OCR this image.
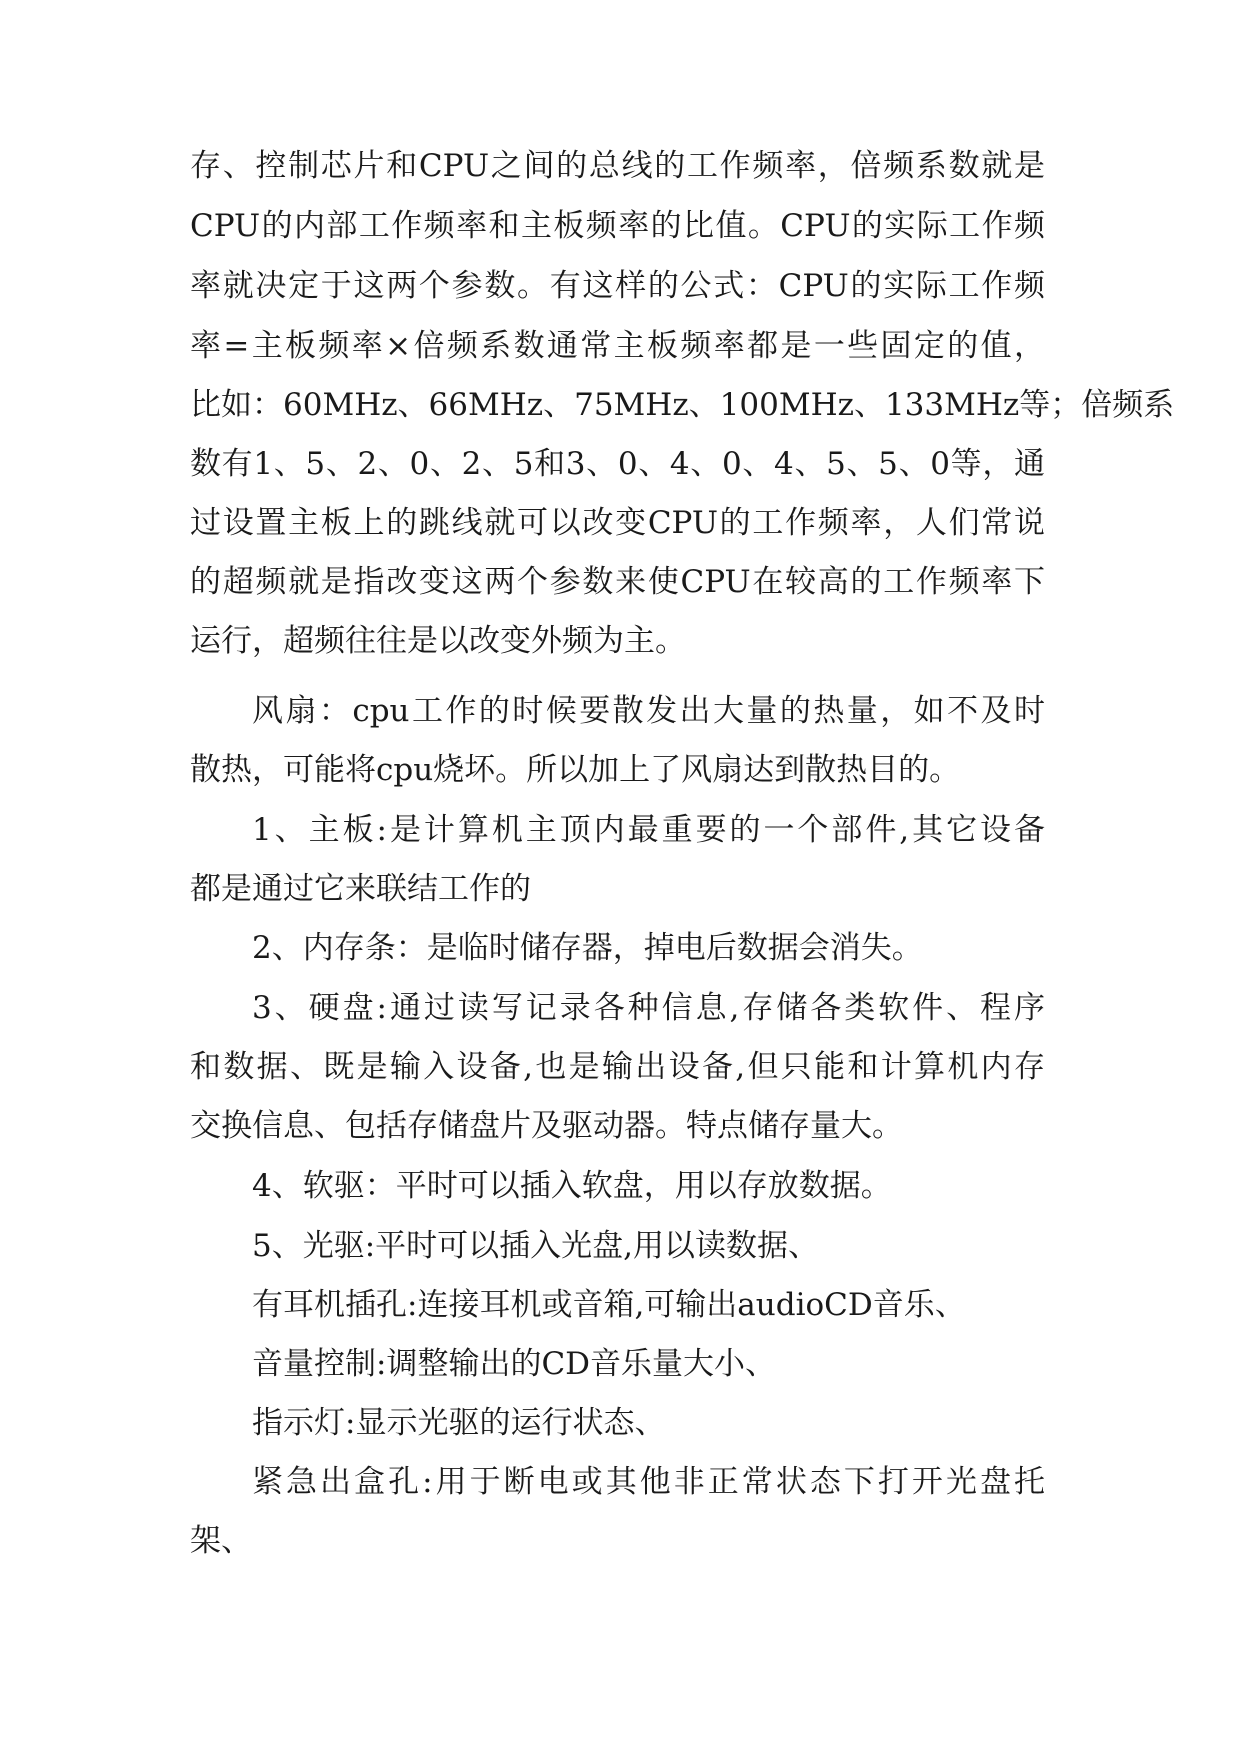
存、控制芯片和CPU之间的总线的工作频率，倍频系数就是
CPU的内部工作频率和主板频率的比值。CPU的实际工作频
率就决定于这两个参数。有这样的公式：CPU的实际工作频
率=主板频率×倍频系数通常主板频率都是一些固定的值，
比如：60MHz、66MHz、75MHz、100MHz、133MHz等；倍频系
数有1、5、2、0、2、5和3、0、4、0、4、5、5、0等，通
过设置主板上的跳线就可以改变CPU的工作频率，人们常说
的超频就是指改变这两个参数来使CPU在较高的工作频率下
运行，超频往往是以改变外频为主。
风扇：cpu工作的时候要散发出大量的热量，如不及时
散热，可能将cpu烧坏。所以加上了风扇达到散热目的。
1、主板:是计算机主顶内最重要的一个部件,其它设备
都是通过它来联结工作的
2、内存条：是临时储存器，掉电后数据会消失。
3、硬盘:通过读写记录各种信息,存储各类软件、程序
和数据、既是输入设备,也是输出设备,但只能和计算机内存
交换信息、包括存储盘片及驱动器。特点储存量大。
4、软驱：平时可以插入软盘，用以存放数据。
5、光驱:平时可以插入光盘,用以读数据、
有耳机插孔:连接耳机或音箱,可输出audioCD音乐、
音量控制:调整输出的CD音乐量大小、
指示灯:显示光驱的运行状态、
紧急出盒孔:用于断电或其他非正常状态下打开光盘托
架、
